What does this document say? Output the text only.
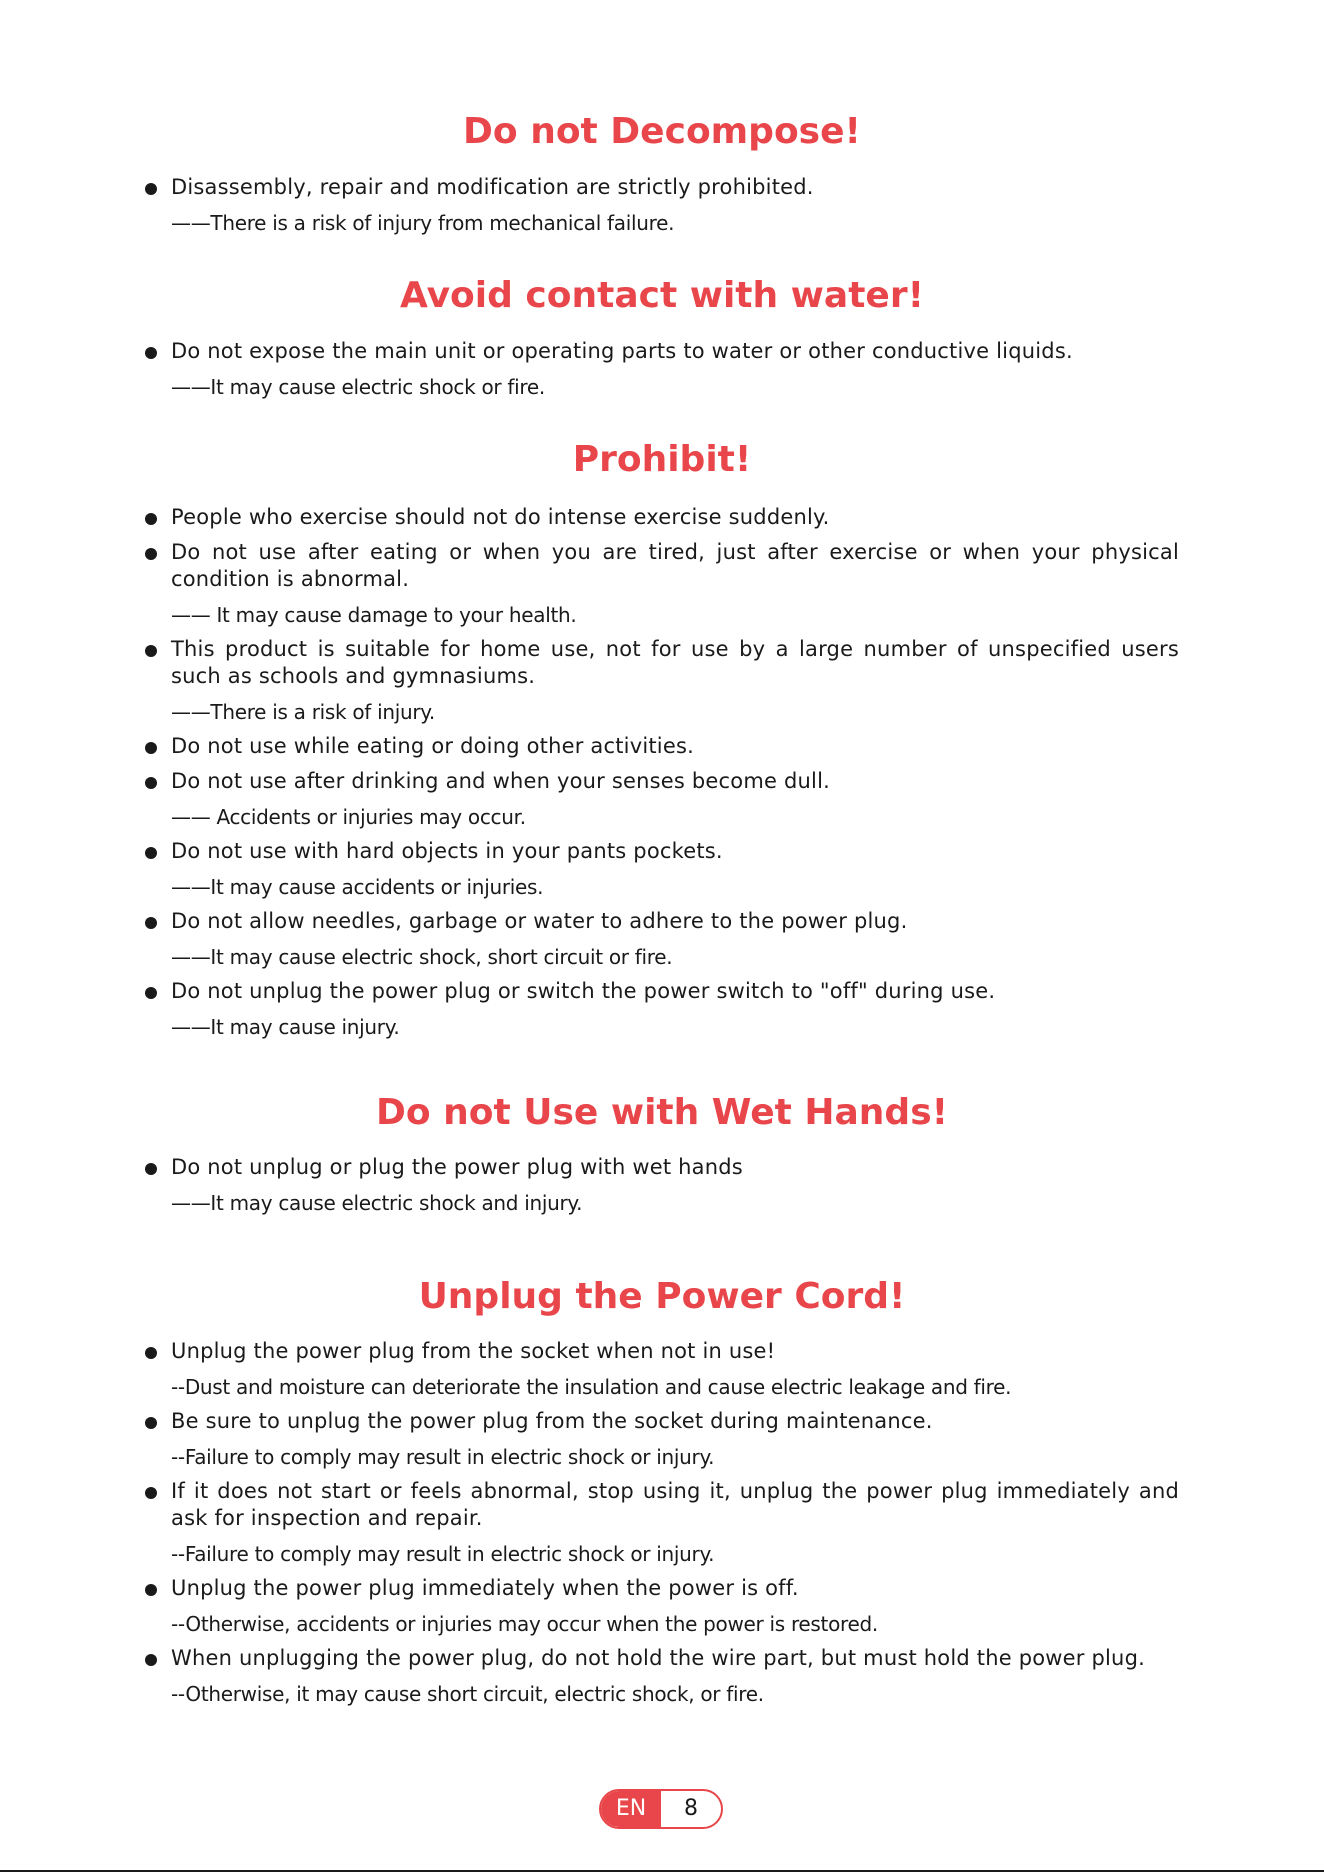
Do not Decompose!
Disassembly, repair and modification are strictly prohibited.
——There is a risk of injury from mechanical failure.
Avoid contact with water!
Do not expose the main unit or operating parts to water or other conductive liquids.
——It may cause electric shock or fire.
Prohibit!
People who exercise should not do intense exercise suddenly.
Do not use after eating or when you are tired, just after exercise or when your physical condition is abnormal.
—— It may cause damage to your health.
This product is suitable for home use, not for use by a large number of unspecified users such as schools and gymnasiums.
——There is a risk of injury.
Do not use while eating or doing other activities.
Do not use after drinking and when your senses become dull.
—— Accidents or injuries may occur.
Do not use with hard objects in your pants pockets.
——It may cause accidents or injuries.
Do not allow needles, garbage or water to adhere to the power plug.
——It may cause electric shock, short circuit or fire.
Do not unplug the power plug or switch the power switch to "off" during use.
——It may cause injury.
Do not Use with Wet Hands!
Do not unplug or plug the power plug with wet hands
——It may cause electric shock and injury.
Unplug the Power Cord!
Unplug the power plug from the socket when not in use!
--Dust and moisture can deteriorate the insulation and cause electric leakage and fire.
Be sure to unplug the power plug from the socket during maintenance.
--Failure to comply may result in electric shock or injury.
If it does not start or feels abnormal, stop using it, unplug the power plug immediately and ask for inspection and repair.
--Failure to comply may result in electric shock or injury.
Unplug the power plug immediately when the power is off.
--Otherwise, accidents or injuries may occur when the power is restored.
When unplugging the power plug, do not hold the wire part, but must hold the power plug.
--Otherwise, it may cause short circuit, electric shock, or fire.
EN	8
